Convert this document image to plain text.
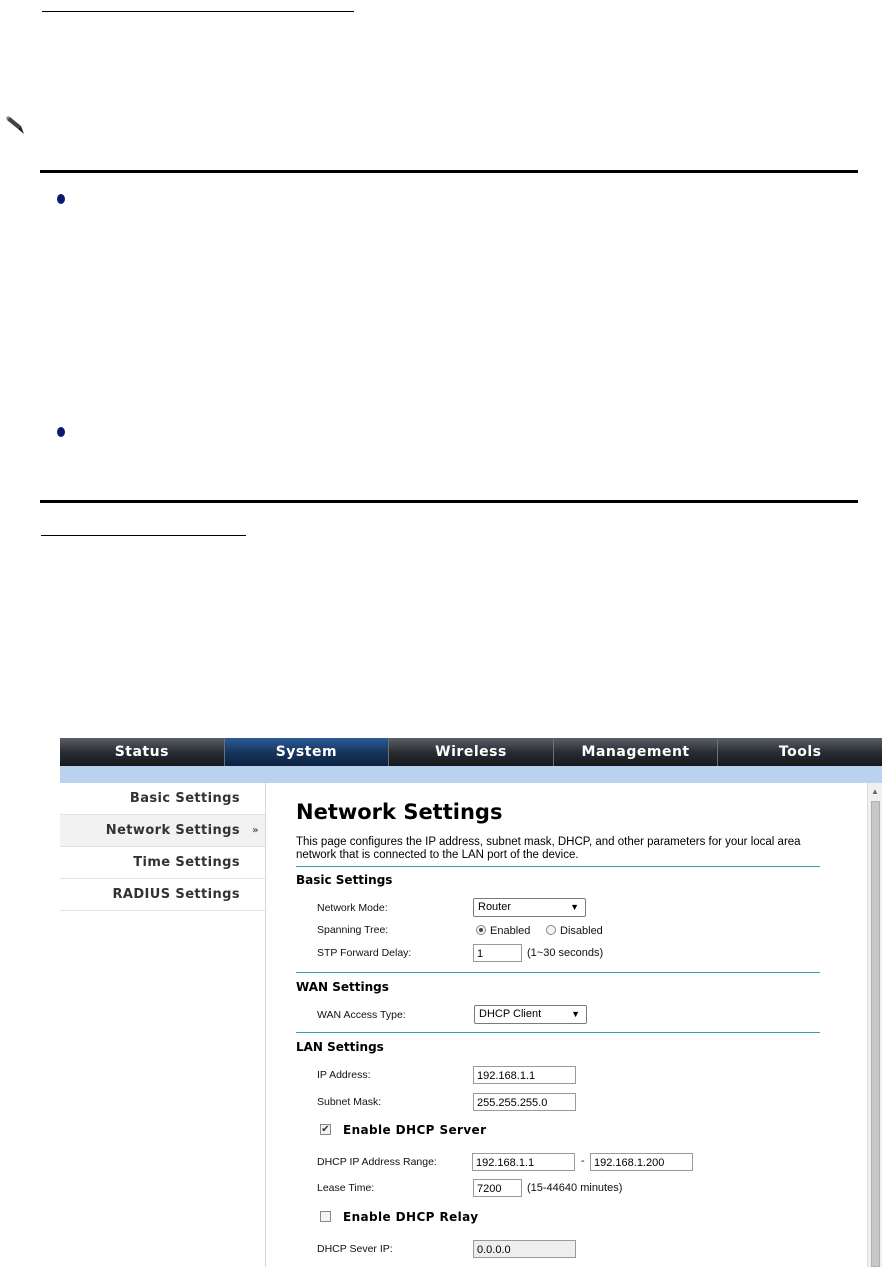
Status	System	Wireless	Management	Tools
Basic Settings
Network Settings »
Time Settings
RADIUS Settings
Network Settings
This page configures the IP address, subnet mask, DHCP, and other parameters for your local area network that is connected to the LAN port of the device.
Basic Settings
Network Mode:	Router	▼
Spanning Tree:	Enabled	Disabled
STP Forward Delay:	1	(1~30 seconds)
WAN Settings
WAN Access Type:	DHCP Client	▼
LAN Settings
IP Address:	192.168.1.1
Subnet Mask:	255.255.255.0
✔ Enable DHCP Server
DHCP IP Address Range:	192.168.1.1	- 192.168.1.200
Lease Time:	7200	(15-44640 minutes)
Enable DHCP Relay
DHCP Sever IP:	0.0.0.0
▲
